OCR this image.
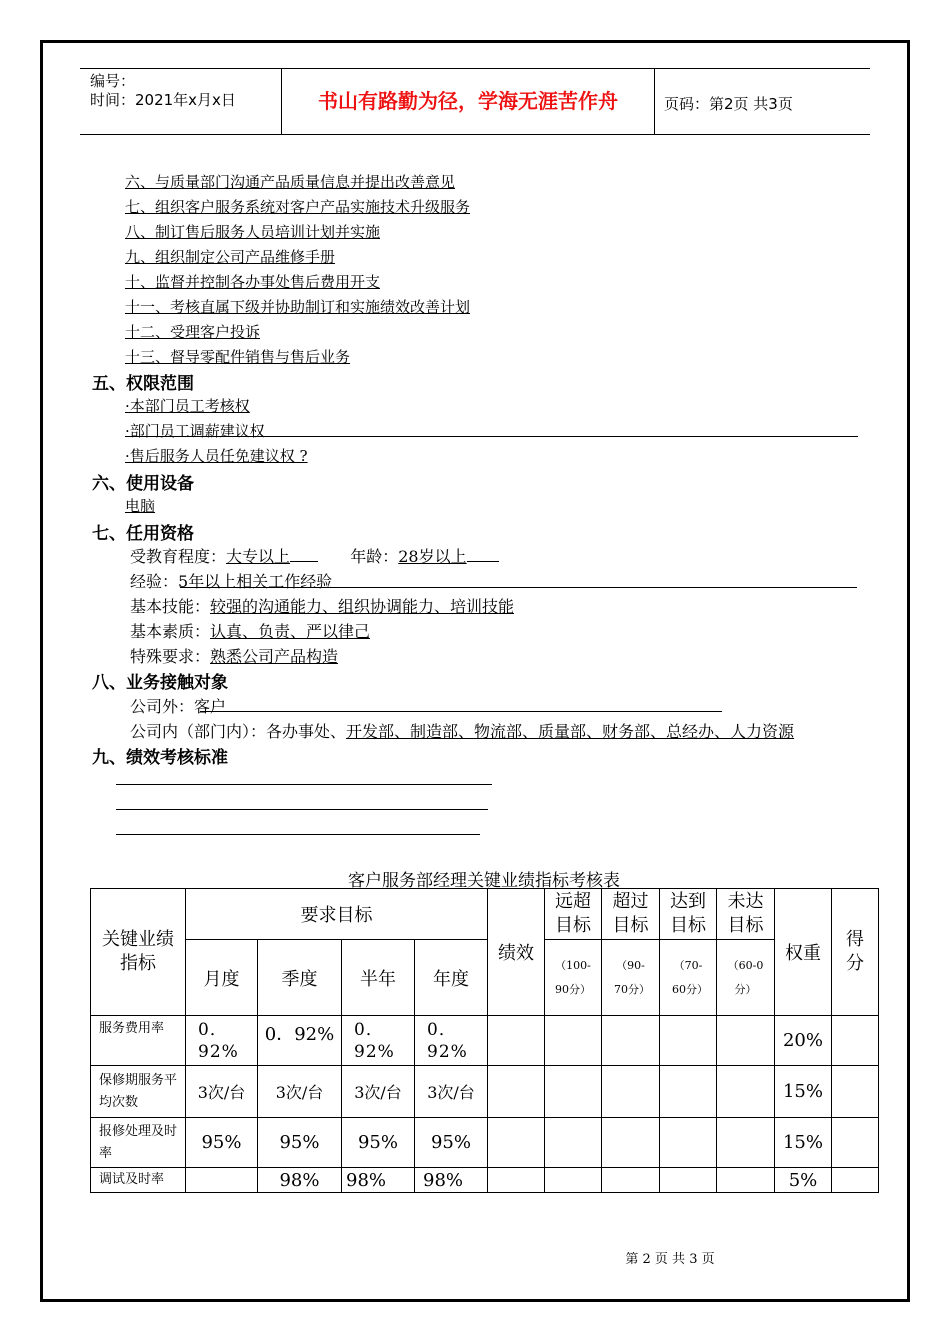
编号：
时间：2021年x月x日	书山有路勤为径，学海无涯苦作舟	页码：第2页 共3页
六、与质量部门沟通产品质量信息并提出改善意见
七、组织客户服务系统对客户产品实施技术升级服务
八、制订售后服务人员培训计划并实施
九、组织制定公司产品维修手册
十、监督并控制各办事处售后费用开支
十一、考核直属下级并协助制订和实施绩效改善计划
十二、受理客户投诉
十三、督导零配件销售与售后业务
五、权限范围
·本部门员工考核权
·部门员工调薪建议权
·售后服务人员任免建议权 ?
六、使用设备
电脑
七、任用资格
受教育程度：大专以上	年龄：28岁以上
经验：5年以上相关工作经验
基本技能：较强的沟通能力、组织协调能力、培训技能
基本素质：认真、负责、严以律己
特殊要求：熟悉公司产品构造
八、业务接触对象
公司外：客户
公司内（部门内）：各办事处、开发部、制造部、物流部、质量部、财务部、总经办、人力资源
九、绩效考核标准
客户服务部经理关键业绩指标考核表
关键业绩指标	要求目标				绩效	远超目标	超过目标	达到目标	未达目标	权重	得分
	月度	季度	半年	年度		（100-90分）	（90-70分）	（70-60分）	（60-0分）		
服务费用率	0．92%	0．92%	0．92%	0．92%						20%	
保修期服务平均次数	3次/台	3次/台	3次/台	3次/台						15%	
报修处理及时率	95%	95%	95%	95%						15%	
调试及时率		98%	98%	98%						5%	
第 2 页 共 3 页
